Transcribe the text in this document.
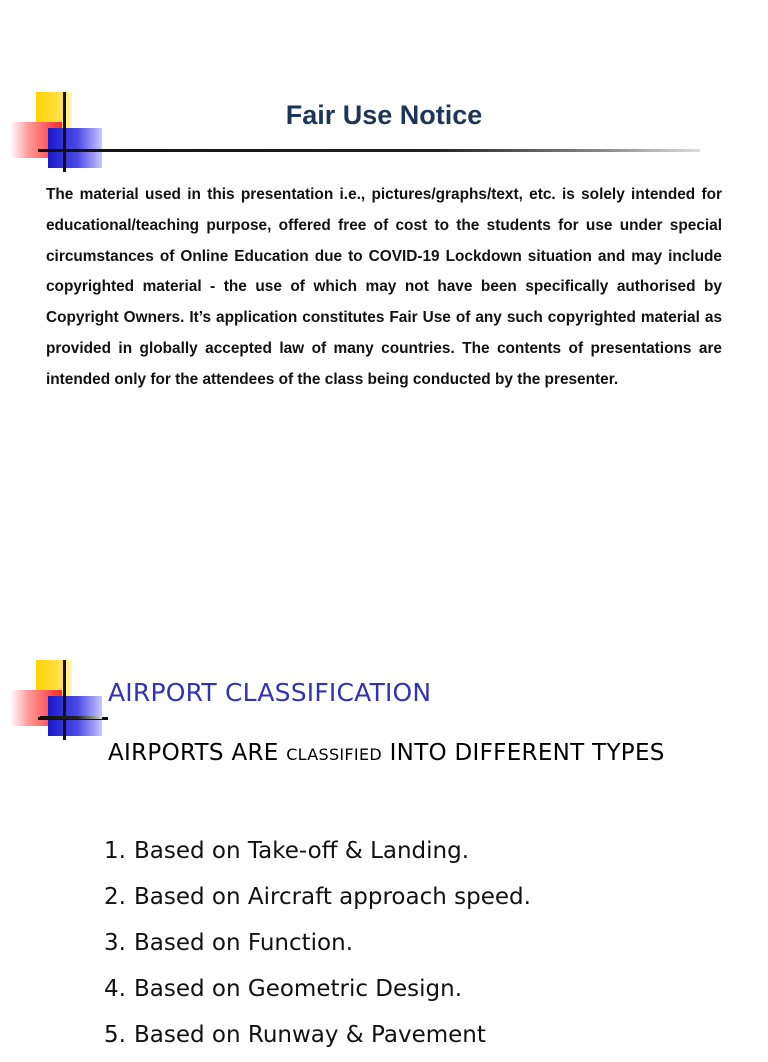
Fair Use Notice

The material used in this presentation i.e., pictures/graphs/text, etc. is solely intended for educational/teaching purpose, offered free of cost to the students for use under special circumstances of Online Education due to COVID-19 Lockdown situation and may include copyrighted material - the use of which may not have been specifically authorised by Copyright Owners. It’s application constitutes Fair Use of any such copyrighted material as provided in globally accepted law of many countries. The contents of presentations are intended only for the attendees of the class being conducted by the presenter.

AIRPORT CLASSIFICATION

AIRPORTS ARE CLASSIFIED INTO DIFFERENT TYPES

1. Based on Take-off & Landing.
2. Based on Aircraft approach speed.
3. Based on Function.
4. Based on Geometric Design.
5. Based on Runway & Pavement
